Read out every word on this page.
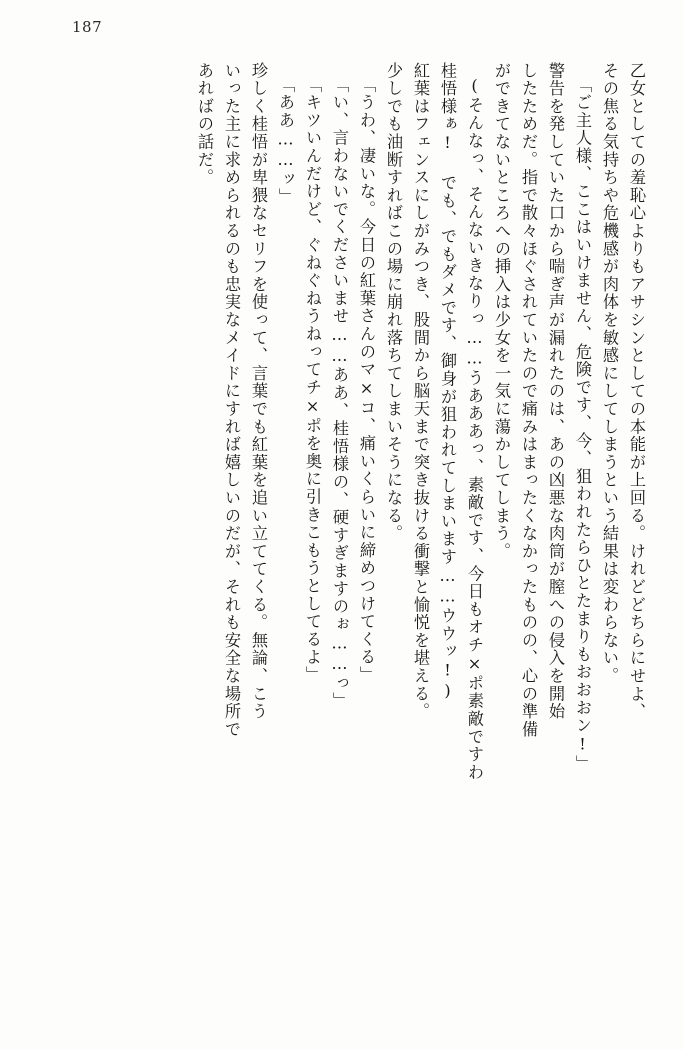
187
乙女としての羞恥心よりもアサシンとしての本能が上回る。けれどどちらにせよ、
その焦る気持ちや危機感が肉体を敏感にしてしまうという結果は変わらない。
「ご主人様、ここはいけません、危険です、今、狙われたらひとたまりもおおおン!」
警告を発していた口から喘ぎ声が漏れたのは、あの凶悪な肉筒が膣への侵入を開始
したためだ。指で散々ほぐされていたので痛みはまったくなかったものの、心の準備
ができてないところへの挿入は少女を一気に蕩かしてしまう。
(そんなっ、そんないきなりっ……うあああっ、素敵です、今日もオチ×ポ素敵ですわ
桂悟様ぁ! でも、でもダメです、御身が狙われてしまいます……ウウッ!)
紅葉はフェンスにしがみつき、股間から脳天まで突き抜ける衝撃と愉悦を堪える。
少しでも油断すればこの場に崩れ落ちてしまいそうになる。
「うわ、凄いな。今日の紅葉さんのマ×コ、痛いくらいに締めつけてくる」
「い、言わないでくださいませ……ああ、桂悟様の、硬すぎますのぉ……っ」
「キツいんだけど、ぐねぐねうねってチ×ポを奥に引きこもうとしてるよ」
「ああ……ッ」
珍しく桂悟が卑猥なセリフを使って、言葉でも紅葉を追い立ててくる。無論、こう
いった主に求められるのも忠実なメイドにすれば嬉しいのだが、それも安全な場所で
あればの話だ。
